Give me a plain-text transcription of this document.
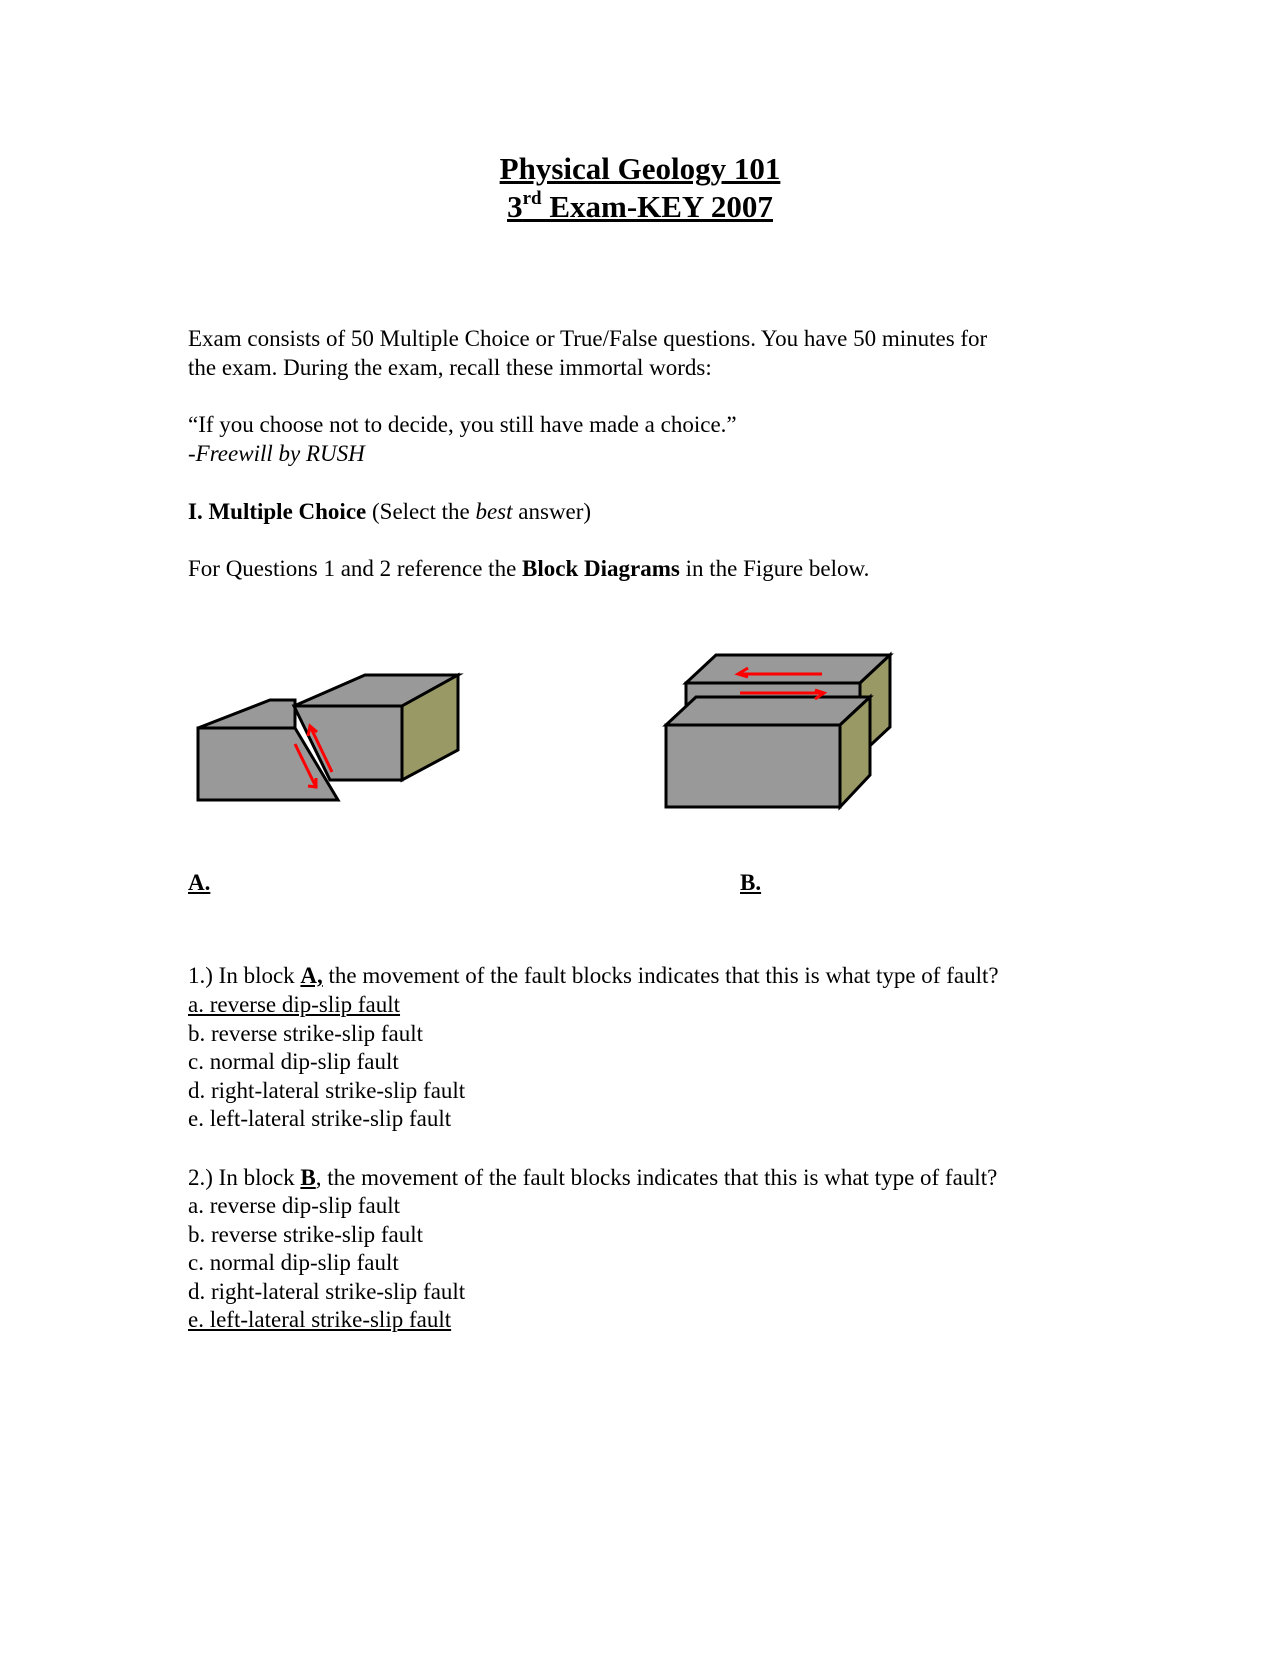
Physical Geology 101
3rd Exam-KEY 2007
Exam consists of 50 Multiple Choice or True/False questions. You have 50 minutes for
the exam. During the exam, recall these immortal words:
“If you choose not to decide, you still have made a choice.”
-Freewill by RUSH
I. Multiple Choice (Select the best answer)
For Questions 1 and 2 reference the Block Diagrams in the Figure below.
A.	B.
1.) In block A, the movement of the fault blocks indicates that this is what type of fault?
a. reverse dip-slip fault
b. reverse strike-slip fault
c. normal dip-slip fault
d. right-lateral strike-slip fault
e. left-lateral strike-slip fault
2.) In block B, the movement of the fault blocks indicates that this is what type of fault?
a. reverse dip-slip fault
b. reverse strike-slip fault
c. normal dip-slip fault
d. right-lateral strike-slip fault
e. left-lateral strike-slip fault
